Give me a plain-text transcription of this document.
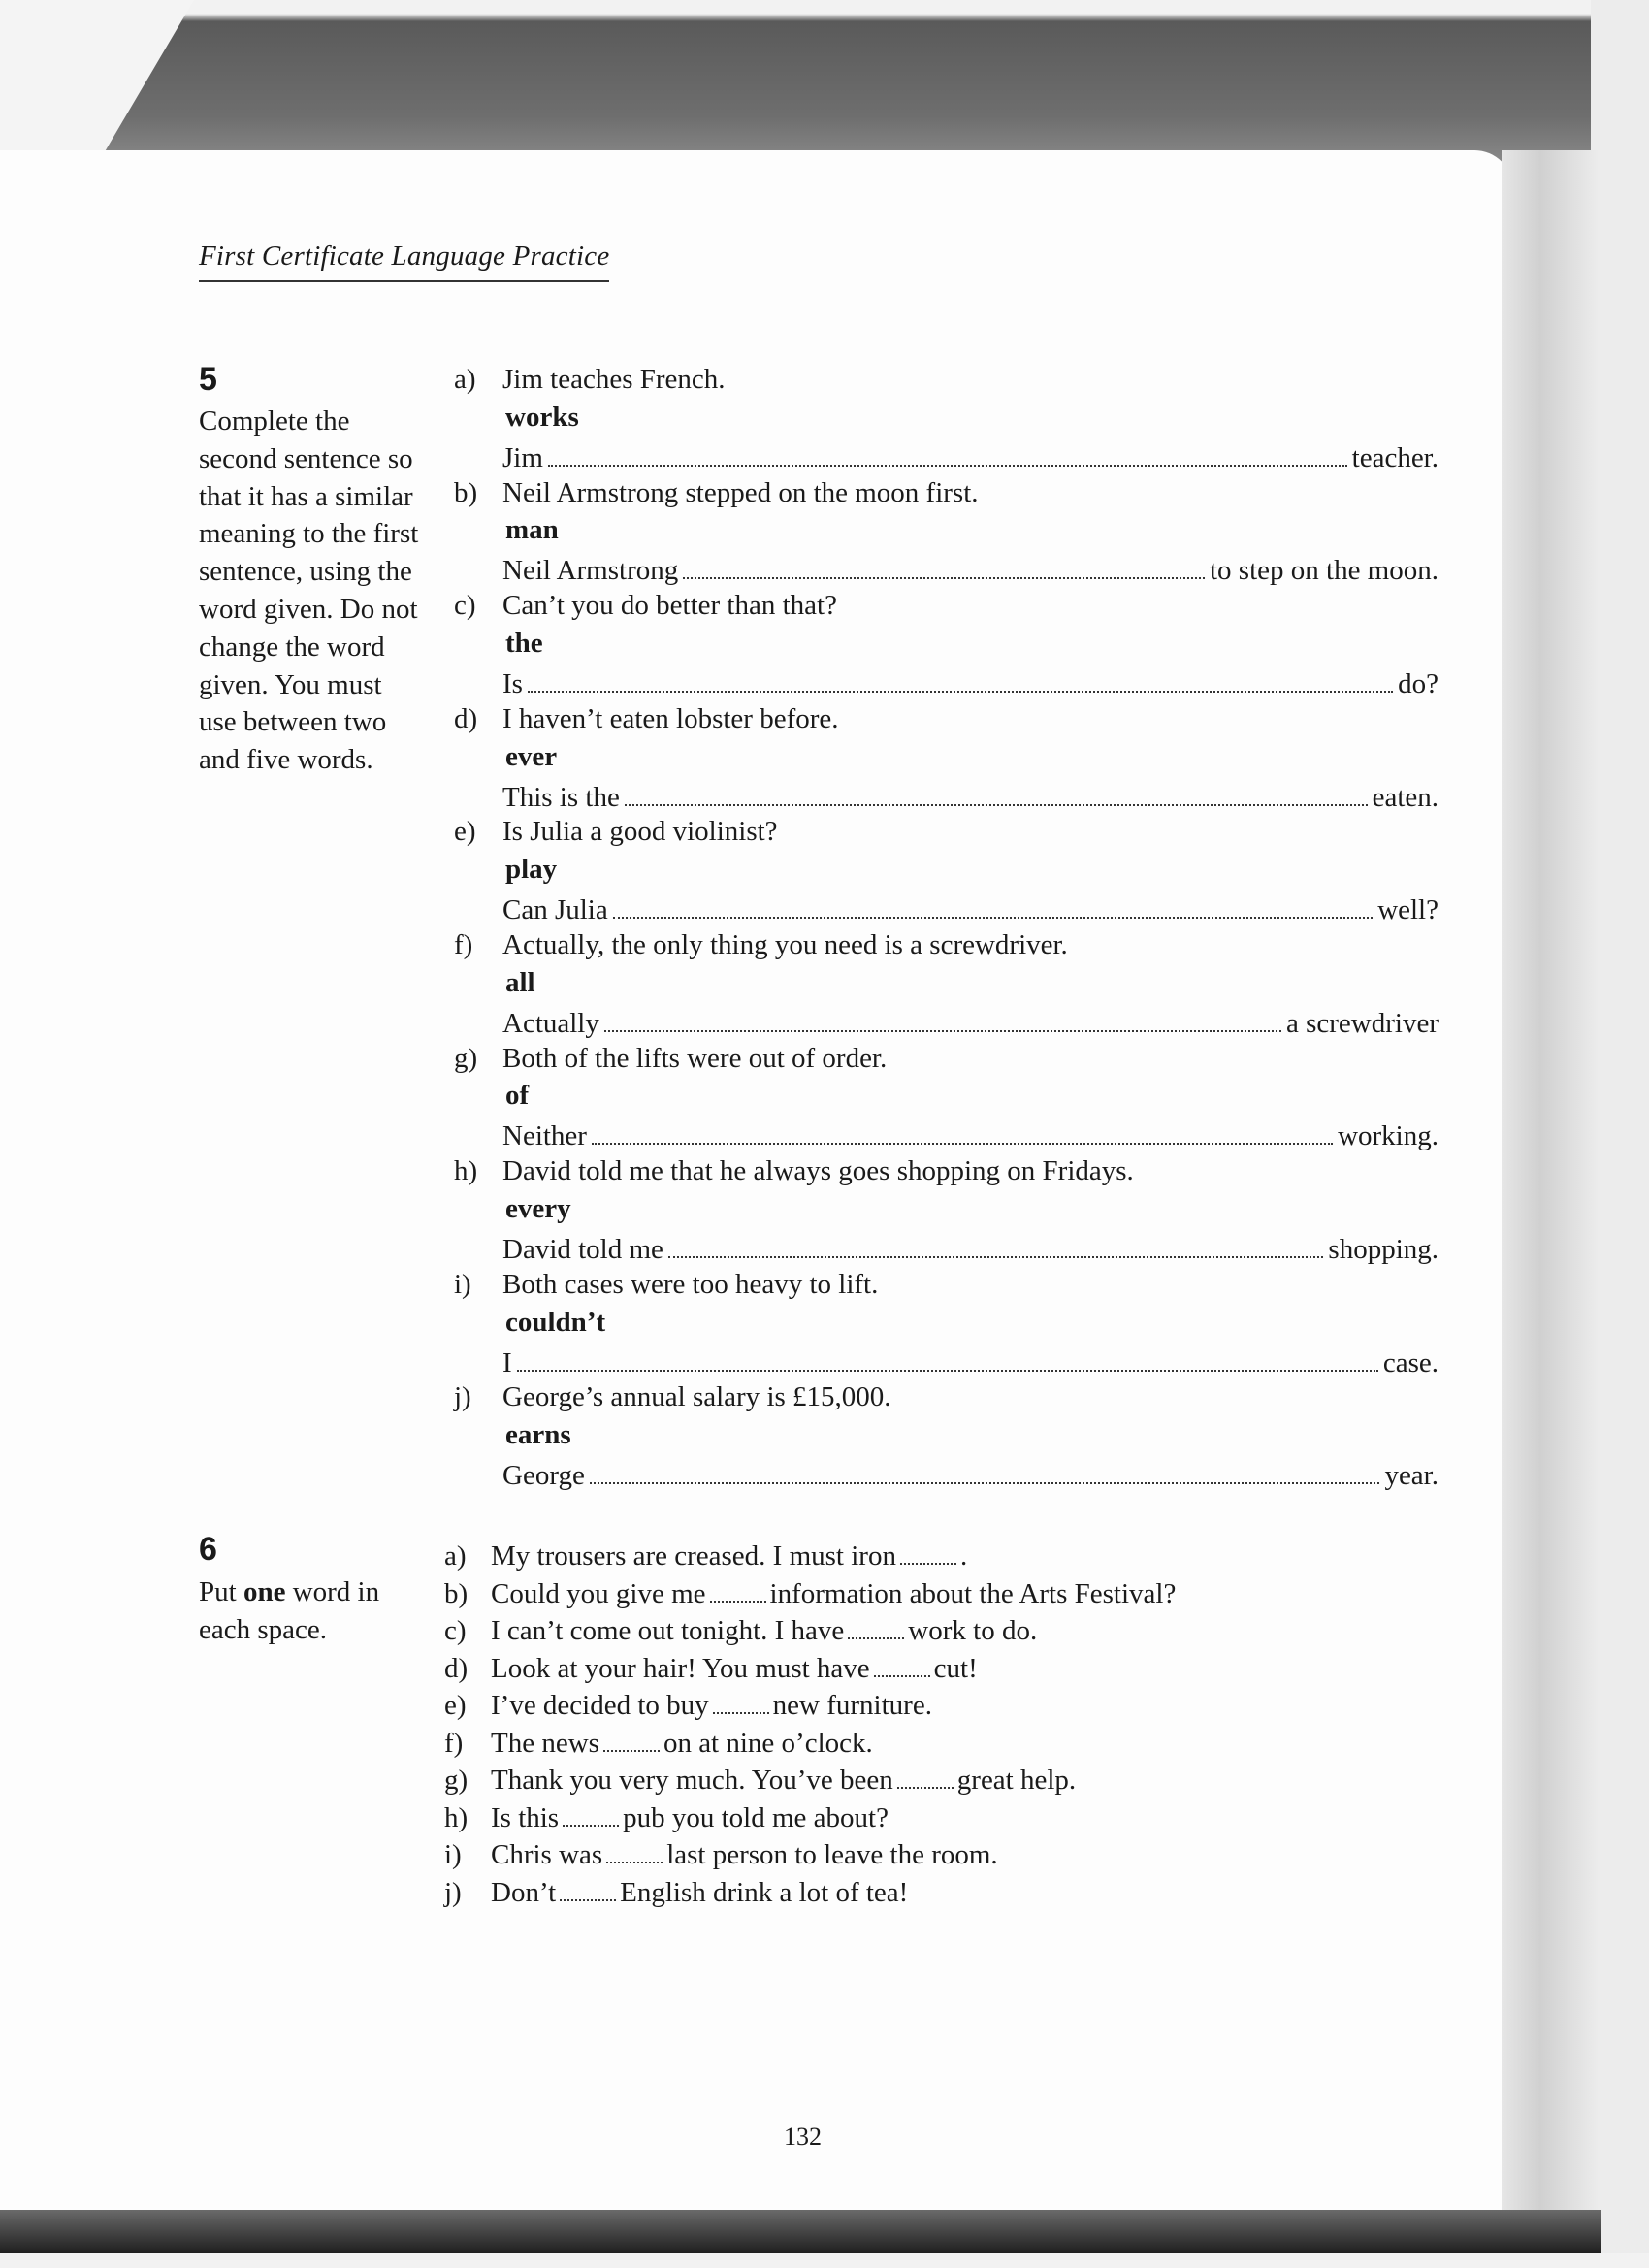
First Certificate Language Practice
5
Complete the second sentence so that it has a similar meaning to the first sentence, using the word given. Do not change the word given. You must use between two and five words.
a) Jim teaches French.
works
Jim	teacher.
b) Neil Armstrong stepped on the moon first.
man
Neil Armstrong	to step on the moon.
c) Can’t you do better than that?
the
Is	do?
d) I haven’t eaten lobster before.
ever
This is the	eaten.
e) Is Julia a good violinist?
play
Can Julia	well?
f) Actually, the only thing you need is a screwdriver.
all
Actually	a screwdriver
g) Both of the lifts were out of order.
of
Neither	working.
h) David told me that he always goes shopping on Fridays.
every
David told me	shopping.
i) Both cases were too heavy to lift.
couldn’t
I	case.
j) George’s annual salary is £15,000.
earns
George	year.
6
Put one word in each space.
a) My trousers are creased. I must iron .
b) Could you give me information about the Arts Festival?
c) I can’t come out tonight. I have work to do.
d) Look at your hair! You must have cut!
e) I’ve decided to buy new furniture.
f) The news on at nine o’clock.
g) Thank you very much. You’ve been great help.
h) Is this pub you told me about?
i) Chris was last person to leave the room.
j) Don’t English drink a lot of tea!
132
